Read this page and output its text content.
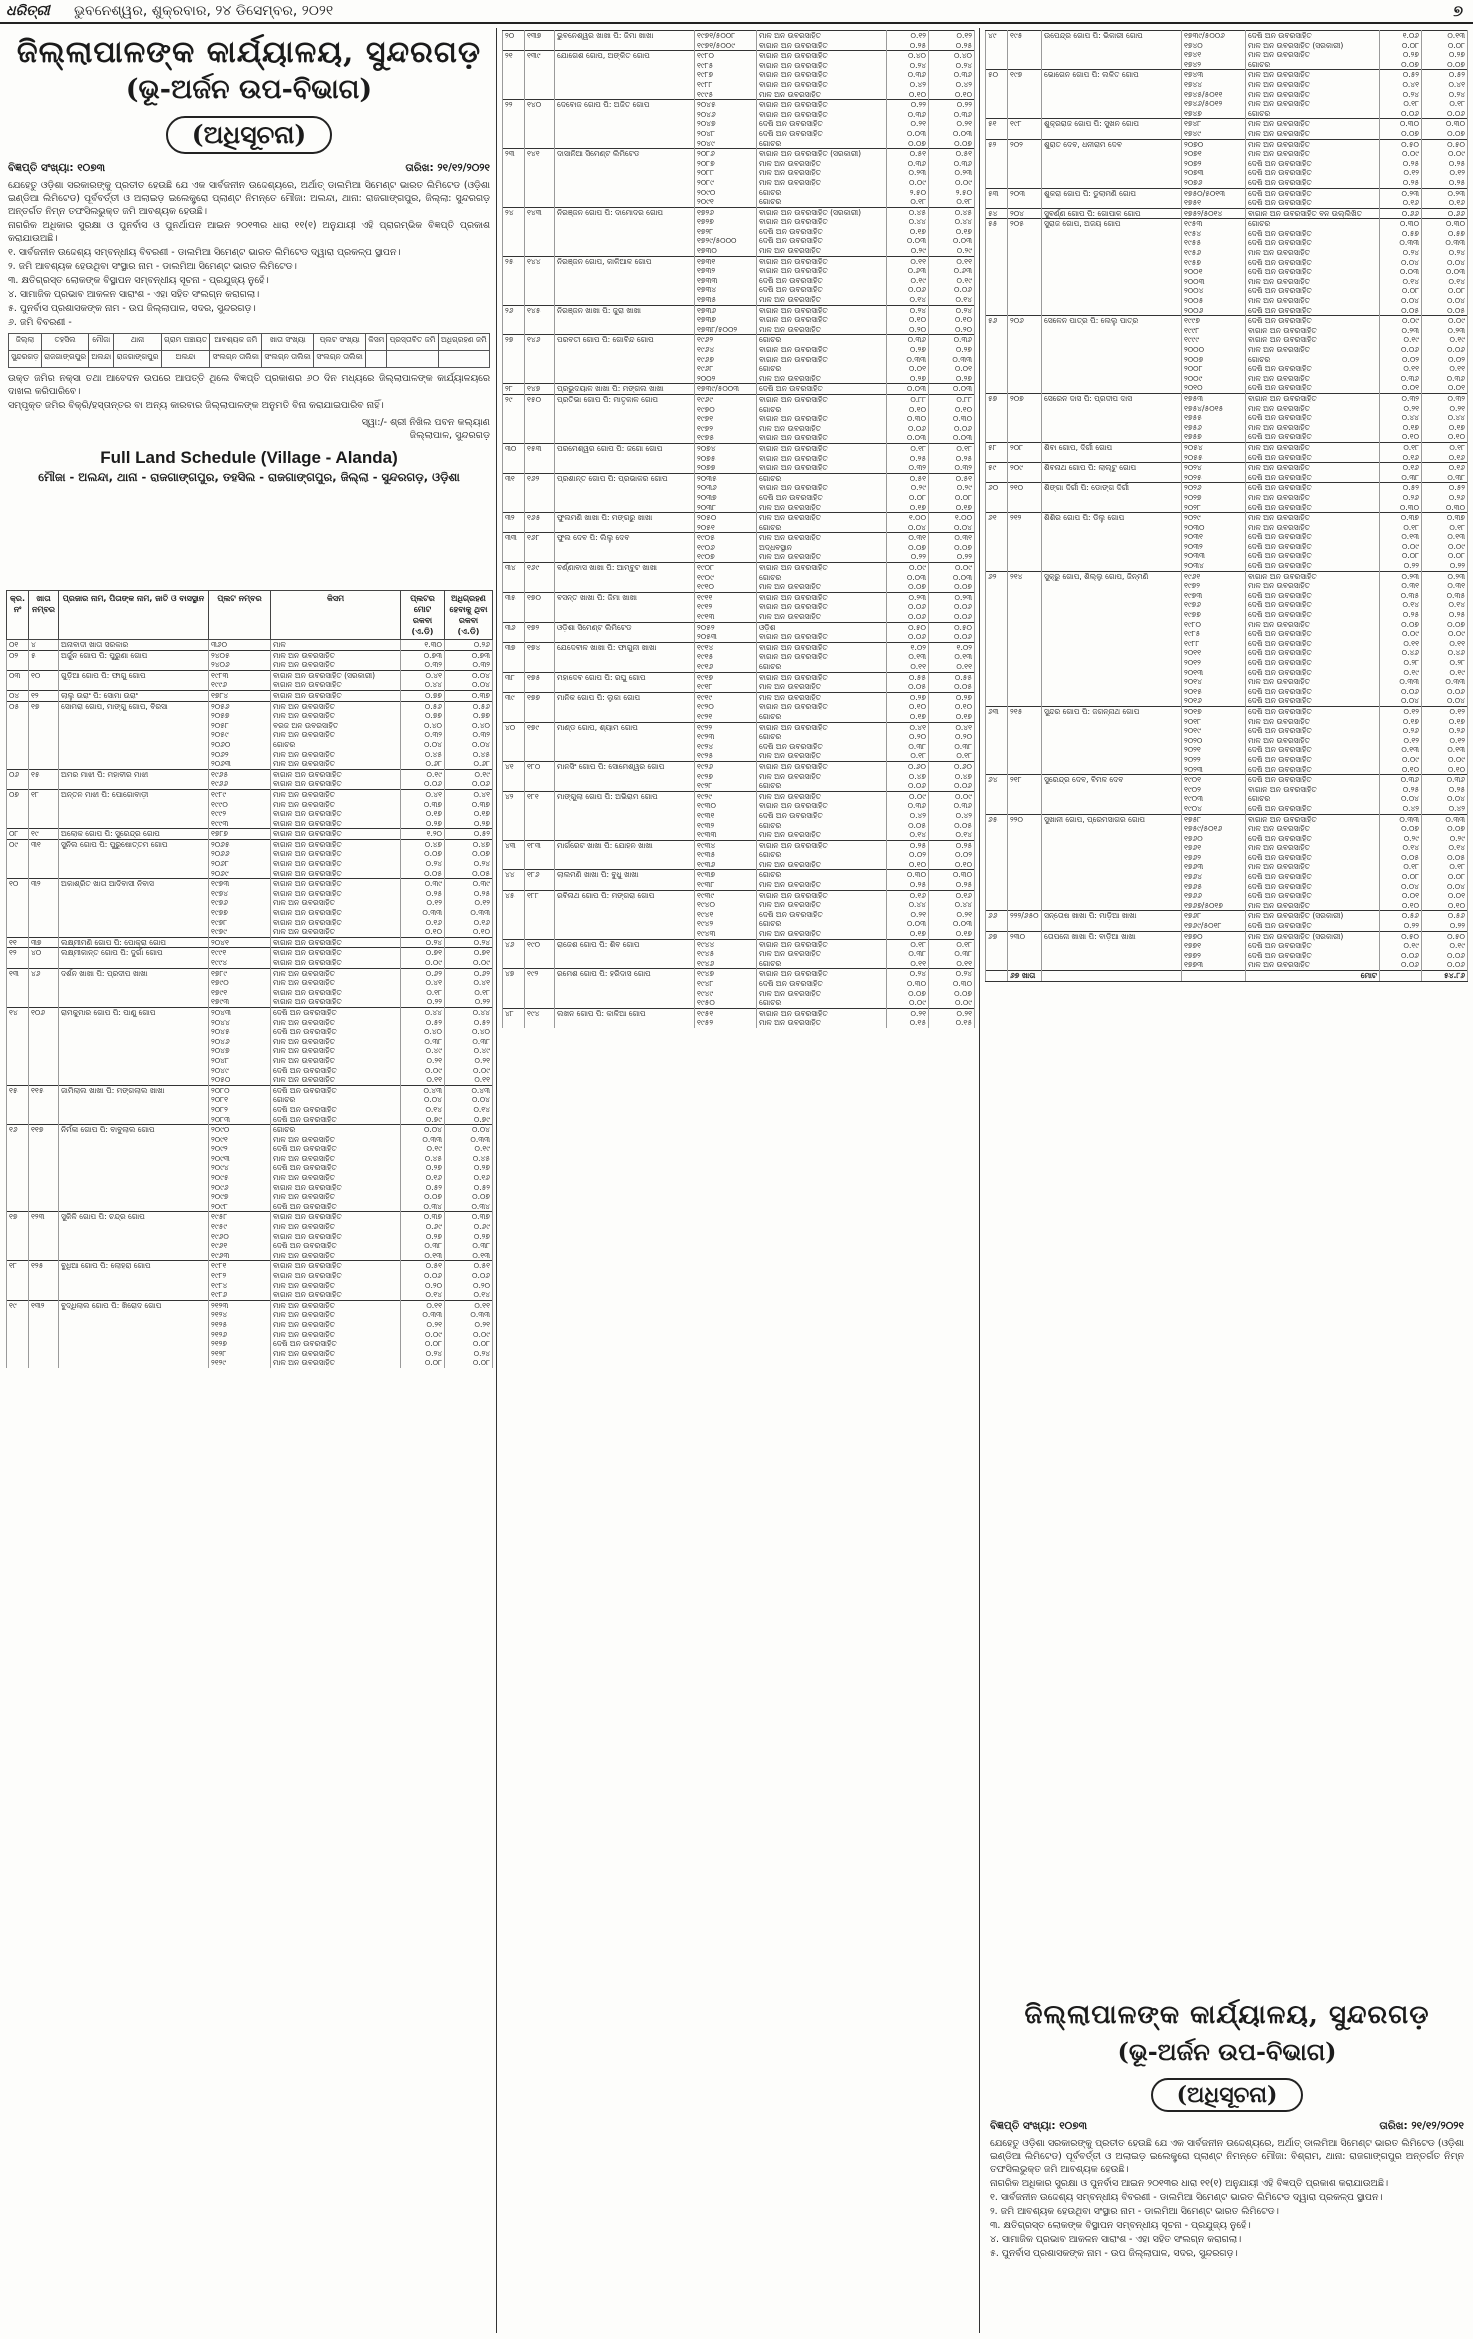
ଧରିତ୍ରୀ ଭୁବନେଶ୍ୱର, ଶୁକ୍ରବାର, ୨୪ ଡିସେମ୍ବର, ୨୦୨୧	୭
ଜିଲ୍ଲାପାଳଙ୍କ କାର୍ଯ୍ୟାଳୟ, ସୁନ୍ଦରଗଡ଼
(ଭୂ-ଅର୍ଜନ ଉପ-ବିଭାଗ)
(ଅଧିସୂଚନା)
ବିଜ୍ଞପ୍ତି ସଂଖ୍ୟା: ୧୦୭୩	ତାରିଖ: ୨୧/୧୨/୨୦୨୧

ଯେହେତୁ ଓଡ଼ିଶା ସରକାରଙ୍କୁ ପ୍ରତୀତ ହେଉଛି ଯେ ଏକ ସାର୍ବଜନୀନ ଉଦ୍ଦେଶ୍ୟରେ, ଅର୍ଥାତ୍ ଡାଲମିଆ ସିମେଣ୍ଟ ଭାରତ ଲିମିଟେଡ (ଓଡ଼ିଶା ଇଣ୍ଡିଆ ଲିମିଟେଡ) ପୂର୍ବବର୍ତ୍ତୀ ଓ ଅଲାଇଡ଼ ଇଲେକ୍ଟ୍ରୋ ପ୍ଲାଣ୍ଟ ନିମନ୍ତେ ମୌଜା: ଅଲନ୍ଦା, ଥାନା: ରାଜଗାଙ୍ଗପୁର, ଜିଲ୍ଲା: ସୁନ୍ଦରଗଡ଼ ଅନ୍ତର୍ଗତ ନିମ୍ନ ତଫସିଲଭୁକ୍ତ ଜମି ଆବଶ୍ୟକ ହେଉଛି।

ନାଗରିକ ଅଧିକାର ସୁରକ୍ଷା ଓ ପୁନର୍ବାସ ଓ ପୁନର୍ଥାପନ ଆଇନ ୨୦୧୩ର ଧାରା ୧୧(୧) ଅନୁଯାୟୀ ଏହି ପ୍ରାରମ୍ଭିକ ବିଜ୍ଞପ୍ତି ପ୍ରକାଶ କରାଯାଉଅଛି।

୧. ସାର୍ବଜନୀନ ଉଦ୍ଦେଶ୍ୟ ସମ୍ବନ୍ଧୀୟ ବିବରଣୀ - ଡାଲମିଆ ସିମେଣ୍ଟ ଭାରତ ଲିମିଟେଡ ଦ୍ୱାରା ପ୍ରକଳ୍ପ ସ୍ଥାପନ।

୨. ଜମି ଆବଶ୍ୟକ ହେଉଥିବା ସଂସ୍ଥାର ନାମ - ଡାଲମିଆ ସିମେଣ୍ଟ ଭାରତ ଲିମିଟେଡ।

୩. କ୍ଷତିଗ୍ରସ୍ତ ଲୋକଙ୍କ ବିସ୍ଥାପନ ସମ୍ବନ୍ଧୀୟ ସୂଚନା - ପ୍ରଯୁଜ୍ୟ ନୁହେଁ।

୪. ସାମାଜିକ ପ୍ରଭାବ ଆକଳନ ସାରାଂଶ - ଏହା ସହିତ ସଂଲଗ୍ନ କରାଗଲା।

୫. ପୁନର୍ବାସ ପ୍ରଶାସକଙ୍କ ନାମ - ଉପ ଜିଲ୍ଲାପାଳ, ସଦର, ସୁନ୍ଦରଗଡ଼।

୬. ଜମି ବିବରଣୀ -

ଜିଲ୍ଲା	ତହସିଲ	ମୌଜା	ଥାନା	ଗ୍ରାମ ପଞ୍ଚାୟତ	ଆବଶ୍ୟକ ଜମି	ଖାତା ସଂଖ୍ୟା	ପ୍ଲଟ ସଂଖ୍ୟା	କିସମ	ପ୍ରସ୍ତାବିତ ଜମି	ଅଧିଗ୍ରହଣ ଜମି
ସୁନ୍ଦରଗଡ଼	ରାଜଗାଙ୍ଗପୁର	ଅଲନ୍ଦା	ରାଜଗାଙ୍ଗପୁର	ଅଲନ୍ଦା	ସଂଲଗ୍ନ ତାଲିକା	ସଂଲଗ୍ନ ତାଲିକା	ସଂଲଗ୍ନ ତାଲିକା			

ଉକ୍ତ ଜମିର ନକ୍ସା ତଥା ଆବେଦନ ଉପରେ ଆପତ୍ତି ଥିଲେ ବିଜ୍ଞପ୍ତି ପ୍ରକାଶର ୬୦ ଦିନ ମଧ୍ୟରେ ଜିଲ୍ଲାପାଳଙ୍କ କାର୍ଯ୍ୟାଳୟରେ ଦାଖଲ କରିପାରିବେ।

ସମ୍ପୃକ୍ତ ଜମିର ବିକ୍ରି/ହସ୍ତାନ୍ତର ବା ଅନ୍ୟ କାରବାର ଜିଲ୍ଲାପାଳଙ୍କ ଅନୁମତି ବିନା କରାଯାଇପାରିବ ନାହିଁ।

ସ୍ୱା:/- ଶ୍ରୀ ନିଖିଲ ପବନ କଲ୍ୟାଣ
ଜିଲ୍ଲାପାଳ, ସୁନ୍ଦରଗଡ଼
Full Land Schedule (Village - Alanda)
ମୌଜା - ଅଲନ୍ଦା, ଥାନା - ରାଜଗାଙ୍ଗପୁର, ତହସିଲ - ରାଜଗାଙ୍ଗପୁର, ଜିଲ୍ଲା - ସୁନ୍ଦରଗଡ଼, ଓଡ଼ିଶା
କ୍ର. ନଂ	ଖାତା ନମ୍ବର	ପ୍ରଜାର ନାମ, ପିତାଙ୍କ ନାମ, ଜାତି ଓ ବାସସ୍ଥାନ	ପ୍ଲଟ ନମ୍ବର	କିସମ	ପ୍ଲଟର ମୋଟ ରକବା (ଏ.ଡି)	ଅଧିଗ୍ରହଣ ହେବାକୁ ଥିବା ରକବା (ଏ.ଡି)
୦୧	୪	ଅନାବାଦୀ ଖାତା ସରକାର	୩୬୦	ମାଳ	୧.୩୦	୦.୨୬
୦୨	୫	ଅର୍ଜୁନ ଗୋପ ପି: ପୁରୁଣା ଗୋପ	୨୪୦୫	ମାଳ ଅନ ଉବରସାହିତ	୦.୭୩	୦.୭୩
			୨୪୦୬	ମାଳ ଅନ ଉବରସାହିତ	୦.୩୨	୦.୩୨
୦୩	୧୦	ଗୁଡ଼ିଆ ଗୋପ ପି: ଫାଗୁ ଗୋପ	୧୯୮୩	ବାଗାନ ଅନ ଉବରସାହିତ (ସରକାରୀ)	୦.୪୧	୦.୦୪
			୧୯୯୬	ବାଗାନ ଅନ ଉବରସାହିତ	୦.୪୪	୦.୦୪
୦୪	୧୨	ଲାଲୁ ଉରାଂ ପି: ସୋମା ଉରାଂ	୧୭୮୪	ବାଗାନ ଅନ ଉବରସାହିତ	୦.୭୭	୦.୩୭
୦୫	୧୭	ସୋମରା ଗୋପ, ମାଙ୍ଗୁ ଗୋପ, ବିରସା	୨୦୫୬	ମାଳ ଅନ ଉବରସାହିତ	୦.୫୬	୦.୫୬
			୨୦୫୭	ମାଳ ଅନ ଉବରସାହିତ	୦.୭୭	୦.୭୭
			୨୦୫୮	ବରଜ ଅନ ଉବରସାହିତ	୦.୪୦	୦.୪୦
			୨୦୫୯	ମାଳ ଅନ ଉବରସାହିତ	୦.୩୨	୦.୩୨
			୨୦୬୦	ଗୋଚର	୦.୦୪	୦.୦୪
			୨୦୬୨	ମାଳ ଅନ ଉବରସାହିତ	୦.୪୫	୦.୪୫
			୨୦୬୩	ମାଳ ଅନ ଉବରସାହିତ	୦.୬୮	୦.୬୮
୦୬	୧୫	ଅମର ମାଝୀ ପି: ମହାବୀର ମାଝୀ	୧୯୬୫	ବାଗାନ ଅନ ଉବରସାହିତ	୦.୧୯	୦.୧୯
			୧୯୬୬	ବାଗାନ ଅନ ଉବରସାହିତ	୦.୦୬	୦.୦୬
୦୭	୧୮	ଅନ୍ତନ ମାଝୀ ପି: ପୋଗୋବାଡ଼ୀ	୧୯୮୯	ମାଳ ଅନ ଉବରସାହିତ	୦.୪୧	୦.୪୧
			୧୯୯୦	ମାଳ ଅନ ଉବରସାହିତ	୦.୩୭	୦.୩୭
			୧୯୯୨	ବାଗାନ ଅନ ଉବରସାହିତ	୦.୧୭	୦.୧୭
			୧୯୯୩	ବାଗାନ ଅନ ଉବରସାହିତ	୦.୨୭	୦.୨୭
୦୮	୧୯	ଅଲୋକ ଗୋପ ପି: ସୁରେନ୍ଦ୍ର ଗୋପ	୧୭୮୭	ବାଗାନ ଅନ ଉବରସାହିତ	୧.୨୦	୦.୫୨
୦୯	୩୧	ସୁନିଲ ଗୋପ ପି: ପୁରୁଷୋତ୍ତମ ଗୋପ	୨୦୬୫	ବାଗାନ ଅନ ଉବରସାହିତ	୦.୪୭	୦.୪୭
			୨୦୬୬	ବାଗାନ ଅନ ଉବରସାହିତ	୦.୦୭	୦.୦୭
			୨୦୬୮	ବାଗାନ ଅନ ଉବରସାହିତ	୦.୨୪	୦.୨୪
			୨୦୬୯	ବାଗାନ ଅନ ଉବରସାହିତ	୦.୦୫	୦.୦୫
୧୦	୩୨	ଅକାଶ୍ରିତ ଖାତା ଆଦିବାସୀ ନିବାସ	୧୯୭୩	ବାଗାନ ଅନ ଉବରସାହିତ	୦.୩୯	୦.୩୯
			୧୯୭୪	ବାଗାନ ଅନ ଉବରସାହିତ	୦.୨୫	୦.୨୫
			୧୯୭୬	ମାଳ ଅନ ଉବରସାହିତ	୦.୧୨	୦.୧୨
			୧୯୭୭	ବାଗାନ ଅନ ଉବରସାହିତ	୦.୩୩	୦.୩୩
			୧୯୭୮	ବାଗାନ ଅନ ଉବରସାହିତ	୦.୧୬	୦.୧୬
			୧୯୭୯	ମାଳ ଅନ ଉବରସାହିତ	୦.୧୦	୦.୧୦
୧୧	୩୭	ଲକ୍ଷ୍ମୀମଣି ଗୋପ ପି: ପୋକ୍ରା ଗୋପ	୨୦୪୧	ବାଗାନ ଅନ ଉବରସାହିତ	୦.୨୪	୦.୨୪
୧୨	୪୦	ଲକ୍ଷ୍ମୀକାନ୍ତ ଗୋପ ପି: ଦୁର୍ଗା ଗୋପ	୧୯୯୧	ବାଗାନ ଅନ ଉବରସାହିତ	୦.୭୧	୦.୭୧
			୧୯୯୪	ବାଗାନ ଅନ ଉବରସାହିତ	୦.୦୯	୦.୦୯
୧୩	୪୬	ଦର୍ଶନ ଖାଖା ପି: ପ୍ରଦୀପ ଖାଖା	୧୭୮୯	ମାଳ ଅନ ଉବରସାହିତ	୦.୬୨	୦.୬୨
			୧୭୯୦	ମାଳ ଅନ ଉବରସାହିତ	୦.୪୧	୦.୪୧
			୧୭୯୧	ବାଗାନ ଅନ ଉବରସାହିତ	୦.୧୮	୦.୧୮
			୧୭୯୩	ବାଗାନ ଅନ ଉବରସାହିତ	୦.୨୨	୦.୨୨
୧୪	୧୦୬	ରାମକୁମାର ଗୋପ ପି: ପାଣୁ ଗୋପ	୨୦୪୩	ଦେଷି ଅନ ଉବରସାହିତ	୦.୪୪	୦.୪୪
			୨୦୪୪	ମାଳ ଅନ ଉବରସାହିତ	୦.୫୨	୦.୫୨
			୨୦୪୫	ଦେଷି ଅନ ଉବରସାହିତ	୦.୪୦	୦.୪୦
			୨୦୪୬	ମାଳ ଅନ ଉବରସାହିତ	୦.୩୮	୦.୩୮
			୨୦୪୭	ମାଳ ଅନ ଉବରସାହିତ	୦.୪୯	୦.୪୯
			୨୦୪୮	ମାଳ ଅନ ଉବରସାହିତ	୦.୨୧	୦.୨୧
			୨୦୪୯	ଦେଷି ଅନ ଉବରସାହିତ	୦.୦୯	୦.୦୯
			୨୦୫୦	ମାଳ ଅନ ଉବରସାହିତ	୦.୧୧	୦.୧୧
୧୫	୧୧୫	ଜାମିଲାଲ ଖାଖା ପି: ମଙ୍ଗଲାଲ ଖାଖା	୨୦୮୦	ଦେଷି ଅନ ଉବରସାହିତ	୦.୪୩	୦.୪୩
			୨୦୮୧	ଗୋଚର	୦.୦୪	୦.୦୪
			୨୦୮୨	ଦେଷି ଅନ ଉବରସାହିତ	୦.୧୪	୦.୧୪
			୨୦୮୩	ଦେଷି ଅନ ଉବରସାହିତ	୦.୭୯	୦.୭୯
୧୬	୧୧୭	ନିର୍ମଳା ଗୋପ ପି: ବାବୁଲାଲ ଗୋପ	୨୦୯୦	ଗୋଚର	୦.୦୪	୦.୦୪
			୨୦୯୧	ମାଳ ଅନ ଉବରସାହିତ	୦.୩୩	୦.୩୩
			୨୦୯୨	ଦେଷି ଅନ ଉବରସାହିତ	୦.୧୯	୦.୧୯
			୨୦୯୩	ମାଳ ଅନ ଉବରସାହିତ	୦.୪୫	୦.୪୫
			୨୦୯୪	ଦେଷି ଅନ ଉବରସାହିତ	୦.୨୭	୦.୨୭
			୨୦୯୫	ମାଳ ଅନ ଉବରସାହିତ	୦.୧୬	୦.୧୬
			୨୦୯୬	ବାଗାନ ଅନ ଉବରସାହିତ	୦.୫୨	୦.୫୨
			୨୦୯୭	ମାଳ ଅନ ଉବରସାହିତ	୦.୦୭	୦.୦୭
			୨୦୯୮	ଦେଷି ଅନ ଉବରସାହିତ	୦.୩୪	୦.୩୪
୧୭	୧୨୩	ସୁକିଳି ଗୋପ ପି: ଚନ୍ଦ୍ର ଗୋପ	୧୯୫୮	ବାଗାନ ଅନ ଉବରସାହିତ	୦.୩୭	୦.୩୭
			୧୯୫୯	ମାଳ ଅନ ଉବରସାହିତ	୦.୬୯	୦.୬୯
			୧୯୬୦	ବାଗାନ ଅନ ଉବରସାହିତ	୦.୨୭	୦.୨୭
			୧୯୬୧	ଦେଷି ଅନ ଉବରସାହିତ	୦.୩୮	୦.୩୮
			୧୯୬୩	ମାଳ ଅନ ଉବରସାହିତ	୦.୧୩	୦.୧୩
୧୮	୧୨୫	ବୁଧିଆ ଗୋପ ପି: ଲୋହରା ଗୋପ	୧୯୮୧	ବାଗାନ ଅନ ଉବରସାହିତ	୦.୫୧	୦.୫୧
			୧୯୮୨	ବାଗାନ ଅନ ଉବରସାହିତ	୦.୦୬	୦.୦୬
			୧୯୮୪	ମାଳ ଅନ ଉବରସାହିତ	୦.୨୦	୦.୨୦
			୧୯୮୬	ବାଗାନ ଅନ ଉବରସାହିତ	୦.୧୪	୦.୧୪
୧୯	୧୩୨	ବୁଦ୍ଧିଲାଲ ଗୋପ ପି: ଖିରୋଦ ଗୋପ	୨୧୨୩	ମାଳ ଅନ ଉବରସାହିତ	୦.୧୧	୦.୧୧
			୨୧୨୪	ମାଳ ଅନ ଉବରସାହିତ	୦.୩୩	୦.୩୩
			୨୧୨୫	ମାଳ ଅନ ଉବରସାହିତ	୦.୨୧	୦.୨୧
			୨୧୨୬	ମାଳ ଅନ ଉବରସାହିତ	୦.୦୯	୦.୦୯
			୨୧୨୭	ଦେଷି ଅନ ଉବରସାହିତ	୦.୦୮	୦.୦୮
			୨୧୨୮	ମାଳ ଅନ ଉବରସାହିତ	୦.୨୪	୦.୨୪
			୨୧୨୯	ମାଳ ଅନ ଉବରସାହିତ	୦.୦୮	୦.୦୮
୨୦	୧୩୭	ଭୁବନେଶ୍ୱର ଖାଖା ପି: ଜିମା ଖାଖା	୧୯୭୧/୫୦୦୮	ମାଳ ଅନ ଉବରସାହିତ	୦.୧୨	୦.୧୨
			୧୯୭୧/୫୦୦୯	ବାଗାନ ଅନ ଉବରସାହିତ	୦.୨୫	୦.୨୫
୨୧	୧୩୯	ଯୋଗେଶ ଗୋପ, ଅଙ୍କିତ ଗୋପ	୧୯୮୦	ବାଗାନ ଅନ ଉବରସାହିତ	୦.୪୦	୦.୪୦
			୧୯୮୫	ବାଗାନ ଅନ ଉବରସାହିତ	୦.୨୪	୦.୨୪
			୧୯୮୭	ବାଗାନ ଅନ ଉବରସାହିତ	୦.୩୬	୦.୩୬
			୧୯୮୮	ବାଗାନ ଅନ ଉବରସାହିତ	୦.୪୨	୦.୪୨
			୧୯୯୫	ମାଳ ଅନ ଉବରସାହିତ	୦.୧୦	୦.୧୦
୨୨	୧୪୦	ଦେବୋଜ ଗୋପ ପି: ଅଜିତ ଗୋପ	୨୦୪୫	ବାଗାନ ଅନ ଉବରସାହିତ	୦.୨୨	୦.୨୨
			୨୦୪୬	ବାଗାନ ଅନ ଉବରସାହିତ	୦.୩୬	୦.୩୬
			୨୦୪୭	ଦେଷି ଅନ ଉବରସାହିତ	୦.୨୧	୦.୨୧
			୨୦୪୮	ଦେଷି ଅନ ଉବରସାହିତ	୦.୦୩	୦.୦୩
			୨୦୪୯	ଗୋଚର	୦.୦୭	୦.୦୭
୨୩	୧୪୧	ଦାସାନିଆ ସିମେଣ୍ଟ ଲିମିଟେଡ	୨୦୮୬	ବାଗାନ ଅନ ଉବରସାହିତ (ସରକାରୀ)	୦.୫୧	୦.୫୧
			୨୦୮୭	ମାଳ ଅନ ଉବରସାହିତ	୦.୩୬	୦.୩୬
			୨୦୮୮	ମାଳ ଅନ ଉବରସାହିତ	୦.୨୩	୦.୨୩
			୨୦୮୯	ମାଳ ଅନ ଉବରସାହିତ	୦.୦୯	୦.୦୯
			୨୦୯୦	ଗୋଚର	୨.୫୦	୨.୫୦
			୨୦୯୧	ଗୋଚର	୦.୧୮	୦.୧୮
୨୪	୧୪୩	ନିରଞ୍ଜନ ଗୋପ ପି: ଦାମୋଦର ଗୋପ	୧୭୨୬	ବାଗାନ ଅନ ଉବରସାହିତ (ସରକାରୀ)	୦.୪୫	୦.୪୫
			୧୭୨୭	ବାଗାନ ଅନ ଉବରସାହିତ	୦.୪୪	୦.୪୪
			୧୭୨୮	ଦେଷି ଅନ ଉବରସାହିତ	୦.୧୭	୦.୧୭
			୧୭୨୯/୫୦୦୦	ଦେଷି ଅନ ଉବରସାହିତ	୦.୦୩	୦.୦୩
			୧୭୩୦	ମାଳ ଅନ ଉବରସାହିତ	୦.୨୯	୦.୨୯
୨୫	୧୪୪	ନିରଞ୍ଜନ ଗୋପ, କାଳିଆଳ ଗୋପ	୧୭୩୧	ବାଗାନ ଅନ ଉବରସାହିତ	୦.୧୧	୦.୧୧
			୧୭୩୨	ବାଗାନ ଅନ ଉବରସାହିତ	୦.୬୩	୦.୬୩
			୧୭୩୩	ଦେଷି ଅନ ଉବରସାହିତ	୦.୧୯	୦.୧୯
			୧୭୩୪	ଦେଷି ଅନ ଉବରସାହିତ	୦.୦୬	୦.୦୬
			୧୭୩୫	ମାଳ ଅନ ଉବରସାହିତ	୦.୧୪	୦.୧୪
୨୬	୧୪୫	ନିରଞ୍ଜନ ଖାଖା ପି: ଜୁରା ଖାଖା	୧୭୩୬	ବାଗାନ ଅନ ଉବରସାହିତ	୦.୨୪	୦.୨୪
			୧୭୩୭	ବାଗାନ ଅନ ଉବରସାହିତ	୦.୧୦	୦.୧୦
			୧୭୩୮/୫୦୦୨	ମାଳ ଅନ ଉବରସାହିତ	୦.୨୦	୦.୨୦
୨୭	୧୪୬	ପରବତୀ ଗୋପ ପି: ଗୋବିନ୍ଦ ଗୋପ	୧୯୬୨	ଗୋଚର	୦.୩୬	୦.୩୬
			୧୯୬୪	ବାଗାନ ଅନ ଉବରସାହିତ	୦.୨୭	୦.୨୭
			୧୯୬୭	ବାଗାନ ଅନ ଉବରସାହିତ	୦.୩୩	୦.୩୩
			୧୯୬୮	ଗୋଚର	୦.୦୧	୦.୦୧
			୨୦୦୨	ମାଳ ଅନ ଉବରସାହିତ	୦.୨୭	୦.୨୭
୨୮	୧୪୭	ପ୍ରଭୁଦୟାଳ ଖାଖା ପି: ମଙ୍ଗଲ ଖାଖା	୧୭୩୯/୫୦୦୩	ଦେଷି ଅନ ଉବରସାହିତ	୦.୦୩	୦.୦୩
୨୯	୧୫୦	ପ୍ରତିଭା ଗୋପ ପି: ମାତୃକାଳ ଗୋପ	୧୯୬୯	ବାଗାନ ଅନ ଉବରସାହିତ	୦.୮୮	୦.୮୮
			୧୯୭୦	ଗୋଚର	୦.୧୦	୦.୧୦
			୧୯୭୧	ବାଗାନ ଅନ ଉବରସାହିତ	୦.୩୦	୦.୩୦
			୧୯୭୨	ମାଳ ଅନ ଉବରସାହିତ	୦.୦୬	୦.୦୬
			୧୯୭୫	ବାଗାନ ଅନ ଉବରସାହିତ	୦.୦୩	୦.୦୩
୩୦	୧୫୩	ପରମେଶ୍ୱର ଗୋପ ପି: ଜଗୋ ଗୋପ	୨୦୭୪	ବାଗାନ ଅନ ଉବରସାହିତ	୦.୧୮	୦.୧୮
			୨୦୭୫	ବାଗାନ ଅନ ଉବରସାହିତ	୦.୨୫	୦.୨୫
			୨୦୭୭	ବାଗାନ ଅନ ଉବରସାହିତ	୦.୩୨	୦.୩୨
୩୧	୧୬୨	ପ୍ରଶାନ୍ତ ଗୋପ ପି: ପ୍ରଭାକର ଗୋପ	୨୦୩୫	ଗୋଚର	୦.୫୧	୦.୫୧
			୨୦୩୬	ବାଗାନ ଅନ ଉବରସାହିତ	୦.୨୯	୦.୨୯
			୨୦୩୭	ଦେଷି ଅନ ଉବରସାହିତ	୦.୦୮	୦.୦୮
			୨୦୩୮	ମାଳ ଅନ ଉବରସାହିତ	୦.୧୭	୦.୧୭
୩୨	୧୬୫	ଫୁଲମଣି ଖାଖା ପି: ମଙ୍ଗରୁ ଖାଖା	୨୦୫୦	ମାଳ ଅନ ଉବରସାହିତ	୧.୦୦	୧.୦୦
			୨୦୫୧	ଗୋଚର	୦.୦୪	୦.୦୪
୩୩	୧୬୮	ଫୁଲ ଦେବ ପି: ଲିଲୁ ଦେବ	୧୯୦୫	ମାଳ ଅନ ଉବରସାହିତ	୦.୩୧	୦.୩୧
			୧୯୦୬	ଅଦ୍ଧବସ୍ଥାନ	୦.୦୭	୦.୦୭
			୧୯୦୭	ମାଳ ଅନ ଉବରସାହିତ	୦.୨୨	୦.୨୨
୩୪	୧୬୯	ବର୍ଣ୍ଣାବାସ ଖାଖା ପି: ଆମ୍ବୁଟ ଖାଖା	୧୯୦୮	ବାଗାନ ଅନ ଉବରସାହିତ	୦.୦୯	୦.୦୯
			୧୯୦୯	ଗୋଚର	୦.୦୩	୦.୦୩
			୧୯୧୦	ମାଳ ଅନ ଉବରସାହିତ	୦.୦୭	୦.୦୭
୩୫	୧୭୦	ବସନ୍ତ ଖାଖା ପି: ଜିମା ଖାଖା	୧୯୧୧	ବାଗାନ ଅନ ଉବରସାହିତ	୦.୨୩	୦.୨୩
			୧୯୧୨	ବାଗାନ ଅନ ଉବରସାହିତ	୦.୦୬	୦.୦୬
			୧୯୧୩	ମାଳ ଅନ ଉବରସାହିତ	୦.୦୬	୦.୦୬
୩୬	୧୭୨	ଓଡ଼ିଶା ସିମେଣ୍ଟ ଲିମିଟେଡ	୨୦୫୨	ଓଡ଼ିଶ	୦.୫୦	୦.୫୦
			୨୦୫୩	ବାଗାନ ଅନ ଉବରସାହିତ	୦.୦୬	୦.୦୬
୩୭	୧୭୪	ଯେଦେବୀଳ ଖାଖା ପି: ଫାଗୁନୀ ଖାଖା	୧୯୧୪	ବାଗାନ ଅନ ଉବରସାହିତ	୧.୦୨	୧.୦୨
			୧୯୧୫	ବାଗାନ ଅନ ଉବରସାହିତ	୦.୧୩	୦.୧୩
			୧୯୧୬	ଗୋଚର	୦.୧୧	୦.୧୧
୩୮	୧୭୫	ମହାଦେବ ଗୋପ ପି: ରଘୁ ଗୋପ	୧୯୧୭	ବାଗାନ ଅନ ଉବରସାହିତ	୦.୫୫	୦.୫୫
			୧୯୧୮	ମାଳ ଅନ ଉବରସାହିତ	୦.୦୫	୦.୦୫
୩୯	୧୭୭	ମାନିକ ଗୋପ ପି: ଲୁକା ଗୋପ	୧୯୧୯	ମାଳ ଅନ ଉବରସାହିତ	୦.୨୭	୦.୨୭
			୧୯୨୦	ବାଗାନ ଅନ ଉବରସାହିତ	୦.୧୦	୦.୧୦
			୧୯୨୧	ଗୋଚର	୦.୧୭	୦.୧୭
୪୦	୧୭୯	ମାଣ୍ଡ ଗୋପ, ଶ୍ୟାମ ଗୋପ	୧୯୨୨	ବାଗାନ ଅନ ଉବରସାହିତ	୦.୪୧	୦.୪୧
			୧୯୨୩	ଗୋଚର	୦.୨୦	୦.୨୦
			୧୯୨୪	ଦେଷି ଅନ ଉବରସାହିତ	୦.୩୮	୦.୩୮
			୧୯୨୫	ମାଳ ଅନ ଉବରସାହିତ	୦.୧୮	୦.୧୮
୪୧	୧୮୦	ମାନସିଂ ଗୋପ ପି: ସୋମେଶ୍ୱର ଗୋପ	୧୯୨୬	ବାଗାନ ଅନ ଉବରସାହିତ	୦.୬୦	୦.୬୦
			୧୯୨୭	ମାଳ ଅନ ଉବରସାହିତ	୦.୪୭	୦.୪୭
			୧୯୨୮	ଗୋଚର	୦.୦୬	୦.୦୬
୪୨	୧୮୧	ମାଙ୍ଗୁଲା ଗୋପ ପି: ଅଭିରାମ ଗୋପ	୧୯୨୯	ମାଳ ଅନ ଉବରସାହିତ	୦.୦୯	୦.୦୯
			୧୯୩୦	ବାଗାନ ଅନ ଉବରସାହିତ	୦.୩୬	୦.୩୬
			୧୯୩୧	ଦେଷି ଅନ ଉବରସାହିତ	୦.୪୨	୦.୪୨
			୧୯୩୨	ଗୋଚର	୦.୦୫	୦.୦୫
			୧୯୩୩	ମାଳ ଅନ ଉବରସାହିତ	୦.୧୪	୦.୧୪
୪୩	୧୮୩	ମାର୍ଗରେଟ ଖାଖା ପି: ଯୋହନ ଖାଖା	୧୯୩୪	ବାଗାନ ଅନ ଉବରସାହିତ	୦.୨୫	୦.୨୫
			୧୯୩୫	ଗୋଚର	୦.୦୨	୦.୦୨
			୧୯୩୬	ମାଳ ଅନ ଉବରସାହିତ	୦.୧୦	୦.୧୦
୪୪	୧୮୬	ଲାଲମଣି ଖାଖା ପି: ବୁଧୁ ଖାଖା	୧୯୩୭	ଗୋଚର	୦.୩୦	୦.୩୦
			୧୯୩୮	ମାଳ ଅନ ଉବରସାହିତ	୦.୨୫	୦.୨୫
୪୫	୧୮୮	ରବିନାଥ ଗୋପ ପି: ମଙ୍ଗରା ଗୋପ	୧୯୩୯	ବାଗାନ ଅନ ଉବରସାହିତ	୦.୧୬	୦.୧୬
			୧୯୪୦	ମାଳ ଅନ ଉବରସାହିତ	୦.୪୪	୦.୪୪
			୧୯୪୧	ଦେଷି ଅନ ଉବରସାହିତ	୦.୨୧	୦.୨୧
			୧୯୪୨	ଗୋଚର	୦.୦୩	୦.୦୩
			୧୯୪୩	ମାଳ ଅନ ଉବରସାହିତ	୦.୧୭	୦.୧୭
୪୬	୧୯୦	ରାଜେଶ ଗୋପ ପି: ଶିବ ଗୋପ	୧୯୪୪	ବାଗାନ ଅନ ଉବରସାହିତ	୦.୧୮	୦.୧୮
			୧୯୪୫	ମାଳ ଅନ ଉବରସାହିତ	୦.୩୮	୦.୩୮
			୧୯୪୬	ଗୋଚର	୦.୧୧	୦.୧୧
୪୭	୧୯୨	ରମେଶ ଗୋପ ପି: ହରିଦାସ ଗୋପ	୧୯୪୭	ବାଗାନ ଅନ ଉବରସାହିତ	୦.୨୪	୦.୨୪
			୧୯୪୮	ଦେଷି ଅନ ଉବରସାହିତ	୦.୩୦	୦.୩୦
			୧୯୪୯	ମାଳ ଅନ ଉବରସାହିତ	୦.୦୭	୦.୦୭
			୧୯୫୦	ଗୋଚର	୦.୦୯	୦.୦୯
୪୮	୧୯୪	ଲଖନ ଗୋପ ପି: କାଳିଆ ଗୋପ	୧୯୫୧	ବାଗାନ ଅନ ଉବରସାହିତ	୦.୨୧	୦.୨୧
			୧୯୫୨	ମାଳ ଅନ ଉବରସାହିତ	୦.୧୫	୦.୧୫
୪୯	୧୯୫	ଉପେନ୍ଦ୍ର ଗୋପ ପି: ଭିକାରୀ ଗୋପ	୧୭୩୯/୫୦୦୬	ଦେଷି ଅନ ଉବରସାହିତ	୧.୦୬	୦.୧୩
			୧୭୪୦	ମାଳ ଅନ ଉବରସାହିତ (ସରକାରୀ)	୦.୦୮	୦.୦୮
			୧୭୪୧	ମାଳ ଅନ ଉବରସାହିତ	୦.୨୭	୦.୨୭
			୧୭୪୨	ଗୋଚର	୦.୦୭	୦.୦୭
୫୦	୧୯୭	ଭୋଗେନ ଗୋପ ପି: ଲଳିତ ଗୋପ	୧୭୪୩	ମାଳ ଅନ ଉବରସାହିତ	୦.୫୨	୦.୫୨
			୧୭୪୪	ମାଳ ଅନ ଉବରସାହିତ	୦.୪୧	୦.୪୧
			୧୭୪୫/୫୦୧୧	ମାଳ ଅନ ଉବରସାହିତ	୦.୨୪	୦.୨୪
			୧୭୪୬/୫୦୧୨	ମାଳ ଅନ ଉବରସାହିତ	୦.୧୮	୦.୧୮
			୧୭୪୭	ଗୋଚର	୦.୦୬	୦.୦୬
୫୧	୧୯୮	ଶୁକ୍ରରାଜ ଗୋପ ପି: ସୁଖନ ଗୋପ	୧୭୪୮	ମାଳ ଅନ ଉବରସାହିତ	୦.୩୦	୦.୩୦
			୧୭୪୯	ମାଳ ଅନ ଉବରସାହିତ	୦.୦୭	୦.୦୭
୫୨	୨୦୨	ଶୁରାତ ଦେବ, ଧନୀରାମ ଦେବ	୨୦୭୦	ମାଳ ଅନ ଉବରସାହିତ	୦.୫୦	୦.୫୦
			୨୦୭୧	ମାଳ ଅନ ଉବରସାହିତ	୦.୦୯	୦.୦୯
			୨୦୭୨	ଦେଷି ଅନ ଉବରସାହିତ	୦.୨୫	୦.୨୫
			୨୦୭୩	ଦେଷି ଅନ ଉବରସାହିତ	୦.୧୨	୦.୧୨
			୨୦୭୬	ଦେଷି ଅନ ଉବରସାହିତ	୦.୨୫	୦.୨୫
୫୩	୨୦୩	ଶୁକରା ଗୋପ ପି: ଡୁଲାମଣି ଗୋପ	୧୭୫୦/୫୦୧୩	ଦେଷି ଅନ ଉବରସାହିତ	୦.୨୩	୦.୨୩
			୧୭୫୧	ଦେଷି ଅନ ଉବରସାହିତ	୦.୧୬	୦.୧୬
୫୪	୨୦୪	ସୁବର୍ଣ୍ଣ ଗୋପ ପି: ଗୋପାଳ ଗୋପ	୧୭୫୨/୫୦୧୪	ବାଗାନ ଅନ ଉବରସାହିତ ବନ ଉଲ୍ଲିଖିତ	୦.୬୬	୦.୬୬
୫୫	୨୦୫	ସୁରାଜ ଗୋପ, ଅଜୟ ଗୋପ	୧୯୫୩	ଗୋଚର	୦.୩୦	୦.୩୦
			୧୯୫୪	ଦେଷି ଅନ ଉବରସାହିତ	୦.୫୭	୦.୫୭
			୧୯୫୫	ଦେଷି ଅନ ଉବରସାହିତ	୦.୩୩	୦.୩୩
			୧୯୫୬	ମାଳ ଅନ ଉବରସାହିତ	୦.୨୪	୦.୨୪
			୧୯୫୭	ଦେଷି ଅନ ଉବରସାହିତ	୦.୦୪	୦.୦୪
			୨୦୦୧	ଦେଷି ଅନ ଉବରସାହିତ	୦.୦୩	୦.୦୩
			୨୦୦୩	ମାଳ ଅନ ଉବରସାହିତ	୦.୧୪	୦.୧୪
			୨୦୦୪	ଦେଷି ଅନ ଉବରସାହିତ	୦.୦୮	୦.୦୮
			୨୦୦୫	ମାଳ ଅନ ଉବରସାହିତ	୦.୦୪	୦.୦୪
			୨୦୦୬	ଦେଷି ଅନ ଉବରସାହିତ	୦.୦୫	୦.୦୫
୫୬	୨୦୬	ସେଳେନ ପାତ୍ର ପି: ଲେଲୁ ପାତ୍ର	୧୯୯୭	ଦେଷି ଅନ ଉବରସାହିତ	୦.୦୯	୦.୦୯
			୧୯୯୮	ବାଗାନ ଅନ ଉବରସାହିତ	୦.୨୩	୦.୨୩
			୧୯୯୯	ବାଗାନ ଅନ ଉବରସାହିତ	୦.୧୯	୦.୧୯
			୨୦୦୦	ମାଳ ଅନ ଉବରସାହିତ	୦.୦୬	୦.୦୬
			୨୦୦୭	ଗୋଚର	୦.୦୨	୦.୦୨
			୨୦୦୮	ଦେଷି ଅନ ଉବରସାହିତ	୦.୧୧	୦.୧୧
			୨୦୦୯	ମାଳ ଅନ ଉବରସାହିତ	୦.୩୬	୦.୩୬
			୨୦୧୦	ଦେଷି ଅନ ଉବରସାହିତ	୦.୦୧	୦.୦୧
୫୭	୨୦୭	ସେରେନ ଦାସ ପି: ପ୍ରଦୀପ ଦାସ	୧୭୫୩	ବାଗାନ ଅନ ଉବରସାହିତ	୦.୩୨	୦.୩୨
			୧୭୫୪/୫୦୧୫	ମାଳ ଅନ ଉବରସାହିତ	୦.୨୧	୦.୨୧
			୧୭୫୫	ଦେଷି ଅନ ଉବରସାହିତ	୦.୪୪	୦.୪୪
			୧୭୫୬	ମାଳ ଅନ ଉବରସାହିତ	୦.୧୭	୦.୧୭
			୧୭୫୭	ଦେଷି ଅନ ଉବରସାହିତ	୦.୧୦	୦.୧୦
୫୮	୨୦୮	ଶିବା ଗୋପ, ଦିର୍ଗୀ ଗୋପ	୨୦୫୪	ମାଳ ଅନ ଉବରସାହିତ	୦.୧୮	୦.୧୮
			୨୦୫୫	ଦେଷି ଅନ ଉବରସାହିତ	୦.୧୬	୦.୧୬
୫୯	୨୦୯	ଶିବନାଥ ଗୋପ ପି: ଲାଲ୍ଟୁ ଗୋପ	୨୦୨୪	ମାଳ ଅନ ଉବରସାହିତ	୦.୧୬	୦.୧୬
			୨୦୨୫	ଦେଷି ଅନ ଉବରସାହିତ	୦.୩୮	୦.୩୮
୬୦	୨୧୦	ଶିଙ୍ଗା ଦିର୍ଗୀ ପି: ଡୋଙ୍ଗ ଦିର୍ଗୀ	୨୦୨୬	ଦେଷି ଅନ ଉବରସାହିତ	୦.୫୨	୦.୫୨
			୨୦୨୭	ମାଳ ଅନ ଉବରସାହିତ	୦.୨୬	୦.୨୬
			୨୦୨୮	ଦେଷି ଅନ ଉବରସାହିତ	୦.୩୦	୦.୩୦
୬୧	୨୧୨	ଶିଶିର ଗୋପ ପି: ଡିଲୁ ଗୋପ	୨୦୨୯	ମାଳ ଅନ ଉବରସାହିତ	୦.୩୭	୦.୩୭
			୨୦୩୦	ମାଳ ଅନ ଉବରସାହିତ	୦.୧୮	୦.୧୮
			୨୦୩୧	ଦେଷି ଅନ ଉବରସାହିତ	୦.୧୩	୦.୧୩
			୨୦୩୨	ଦେଷି ଅନ ଉବରସାହିତ	୦.୦୯	୦.୦୯
			୨୦୩୩	ଦେଷି ଅନ ଉବରସାହିତ	୦.୦୮	୦.୦୮
			୨୦୩୪	ଦେଷି ଅନ ଉବରସାହିତ	୦.୨୨	୦.୨୨
୬୨	୨୧୪	ସୁକ୍ରୁ ଗୋପ, ଶିଲ୍ଲୁ ଗୋପ, ଜିନ୍ମଣି	୧୯୬୧	ବାଗାନ ଅନ ଉବରସାହିତ	୦.୨୩	୦.୨୩
			୧୯୭୨	ମାଳ ଅନ ଉବରସାହିତ	୦.୩୧	୦.୩୧
			୧୯୭୩	ଦେଷି ଅନ ଉବରସାହିତ	୦.୩୫	୦.୩୫
			୧୯୭୬	ଦେଷି ଅନ ଉବରସାହିତ	୦.୧୪	୦.୧୪
			୧୯୭୭	ଦେଷି ଅନ ଉବରସାହିତ	୦.୨୫	୦.୨୫
			୧୯୮୦	ମାଳ ଅନ ଉବରସାହିତ	୦.୦୭	୦.୦୭
			୧୯୮୫	ଦେଷି ଅନ ଉବରସାହିତ	୦.୦୯	୦.୦୯
			୧୯୮୮	ଦେଷି ଅନ ଉବରସାହିତ	୦.୧୧	୦.୧୧
			୨୦୧୧	ଦେଷି ଅନ ଉବରସାହିତ	୦.୪୬	୦.୪୬
			୨୦୧୨	ଦେଷି ଅନ ଉବରସାହିତ	୦.୨୮	୦.୨୮
			୨୦୧୩	ଦେଷି ଅନ ଉବରସାହିତ	୦.୧୯	୦.୧୯
			୨୦୧୪	ମାଳ ଅନ ଉବରସାହିତ	୦.୩୩	୦.୩୩
			୨୦୧୫	ଦେଷି ଅନ ଉବରସାହିତ	୦.୦୬	୦.୦୬
			୨୦୧୬	ଦେଷି ଅନ ଉବରସାହିତ	୦.୦୪	୦.୦୪
୬୩	୨୧୫	ସୁନ୍ଦର ଗୋପ ପି: ଜଗନ୍ନାଥ ଗୋପ	୨୦୧୭	ଦେଷି ଅନ ଉବରସାହିତ	୦.୧୨	୦.୧୨
			୨୦୧୮	ମାଳ ଅନ ଉବରସାହିତ	୦.୧୭	୦.୧୭
			୨୦୧୯	ଦେଷି ଅନ ଉବରସାହିତ	୦.୨୬	୦.୨୬
			୨୦୨୦	ମାଳ ଅନ ଉବରସାହିତ	୦.୧୨	୦.୧୨
			୨୦୨୧	ଦେଷି ଅନ ଉବରସାହିତ	୦.୧୩	୦.୧୩
			୨୦୨୨	ଦେଷି ଅନ ଉବରସାହିତ	୦.୦୯	୦.୦୯
			୨୦୨୩	ଦେଷି ଅନ ଉବରସାହିତ	୦.୧୦	୦.୧୦
୬୪	୨୧୮	ସୁରେନ୍ଦ୍ର ଦେବ, ବିମଳ ଦେବ	୧୯୦୧	ଦେଷି ଅନ ଉବରସାହିତ	୦.୩୬	୦.୩୬
			୧୯୦୨	ବାଗାନ ଅନ ଉବରସାହିତ	୦.୨୫	୦.୨୫
			୧୯୦୩	ଗୋଚର	୦.୦୪	୦.୦୪
			୧୯୦୪	ଦେଷି ଅନ ଉବରସାହିତ	୦.୪୨	୦.୪୨
୬୫	୨୨୦	ସୁଖାନୀ ଗୋପ, ପ୍ରେମସାଗର ଗୋପ	୧୭୫୮	ବାଗାନ ଅନ ଉବରସାହିତ	୦.୩୩	୦.୩୩
			୧୭୫୯/୫୦୧୬	ମାଳ ଅନ ଉବରସାହିତ	୦.୦୭	୦.୦୭
			୧୭୬୦	ଦେଷି ଅନ ଉବରସାହିତ	୦.୨୯	୦.୨୯
			୧୭୬୧	ମାଳ ଅନ ଉବରସାହିତ	୦.୧୪	୦.୧୪
			୧୭୬୨	ଦେଷି ଅନ ଉବରସାହିତ	୦.୦୫	୦.୦୫
			୧୭୬୩	ମାଳ ଅନ ଉବରସାହିତ	୦.୧୮	୦.୧୮
			୧୭୬୪	ଦେଷି ଅନ ଉବରସାହିତ	୦.୦୮	୦.୦୮
			୧୭୬୫	ଦେଷି ଅନ ଉବରସାହିତ	୦.୦୪	୦.୦୪
			୧୭୬୬	ଦେଷି ଅନ ଉବରସାହିତ	୦.୦୧	୦.୦୧
			୧୭୬୭/୫୦୧୭	ମାଳ ଅନ ଉବରସାହିତ	୦.୧୦	୦.୧୦
୬୬	୨୨୨/୬୫୦	ସନ୍ତୋଷ ଖାଖା ପି: ମାଡ଼ିଆ ଖାଖା	୧୭୬୮	ମାଳ ଅନ ଉବରସାହିତ (ସରକାରୀ)	୦.୫୬	୦.୫୬
			୧୭୬୯/୫୦୧୮	ଦେଷି ଅନ ଉବରସାହିତ	୦.୨୨	୦.୨୨
୬୭	୨୩୦	ତୋପନୋ ଖାଖା ପି: ବାଡ଼ିଆ ଖାଖା	୧୭୭୦	ମାଳ ଅନ ଉବରସାହିତ (ସରକାରୀ)	୦.୫୦	୦.୫୦
			୧୭୭୧	ଦେଷି ଅନ ଉବରସାହିତ	୦.୧୯	୦.୧୯
			୧୭୭୨	ଦେଷି ଅନ ଉବରସାହିତ	୦.୦୬	୦.୦୬
			୧୭୭୩	ମାଳ ଅନ ଉବରସାହିତ	୦.୦୬	୦.୦୬
	୬୭ ଖାତା			ମୋଟ		୫୪.୮୬
ଜିଲ୍ଲାପାଳଙ୍କ କାର୍ଯ୍ୟାଳୟ, ସୁନ୍ଦରଗଡ଼
(ଭୂ-ଅର୍ଜନ ଉପ-ବିଭାଗ)
(ଅଧିସୂଚନା)
ବିଜ୍ଞପ୍ତି ସଂଖ୍ୟା: ୧୦୭୩	ତାରିଖ: ୨୧/୧୨/୨୦୨୧

ଯେହେତୁ ଓଡ଼ିଶା ସରକାରଙ୍କୁ ପ୍ରତୀତ ହେଉଛି ଯେ ଏକ ସାର୍ବଜନୀନ ଉଦ୍ଦେଶ୍ୟରେ, ଅର୍ଥାତ୍ ଡାଲମିଆ ସିମେଣ୍ଟ ଭାରତ ଲିମିଟେଡ (ଓଡ଼ିଶା ଇଣ୍ଡିଆ ଲିମିଟେଡ) ପୂର୍ବବର୍ତ୍ତୀ ଓ ଅଲାଇଡ଼ ଇଲେକ୍ଟ୍ରୋ ପ୍ଲାଣ୍ଟ ନିମନ୍ତେ ମୌଜା: ବିଶ୍ରାମ, ଥାନା: ରାଜଗାଙ୍ଗପୁର ଅନ୍ତର୍ଗତ ନିମ୍ନ ତଫସିଲଭୁକ୍ତ ଜମି ଆବଶ୍ୟକ ହେଉଛି।

ନାଗରିକ ଅଧିକାର ସୁରକ୍ଷା ଓ ପୁନର୍ବାସ ଆଇନ ୨୦୧୩ର ଧାରା ୧୧(୧) ଅନୁଯାୟୀ ଏହି ବିଜ୍ଞପ୍ତି ପ୍ରକାଶ କରାଯାଉଅଛି।

୧. ସାର୍ବଜନୀନ ଉଦ୍ଦେଶ୍ୟ ସମ୍ବନ୍ଧୀୟ ବିବରଣୀ - ଡାଲମିଆ ସିମେଣ୍ଟ ଭାରତ ଲିମିଟେଡ ଦ୍ୱାରା ପ୍ରକଳ୍ପ ସ୍ଥାପନ।

୨. ଜମି ଆବଶ୍ୟକ ହେଉଥିବା ସଂସ୍ଥାର ନାମ - ଡାଲମିଆ ସିମେଣ୍ଟ ଭାରତ ଲିମିଟେଡ।

୩. କ୍ଷତିଗ୍ରସ୍ତ ଲୋକଙ୍କ ବିସ୍ଥାପନ ସମ୍ବନ୍ଧୀୟ ସୂଚନା - ପ୍ରଯୁଜ୍ୟ ନୁହେଁ।

୪. ସାମାଜିକ ପ୍ରଭାବ ଆକଳନ ସାରାଂଶ - ଏହା ସହିତ ସଂଲଗ୍ନ କରାଗଲା।

୫. ପୁନର୍ବାସ ପ୍ରଶାସକଙ୍କ ନାମ - ଉପ ଜିଲ୍ଲାପାଳ, ସଦର, ସୁନ୍ଦରଗଡ଼।
